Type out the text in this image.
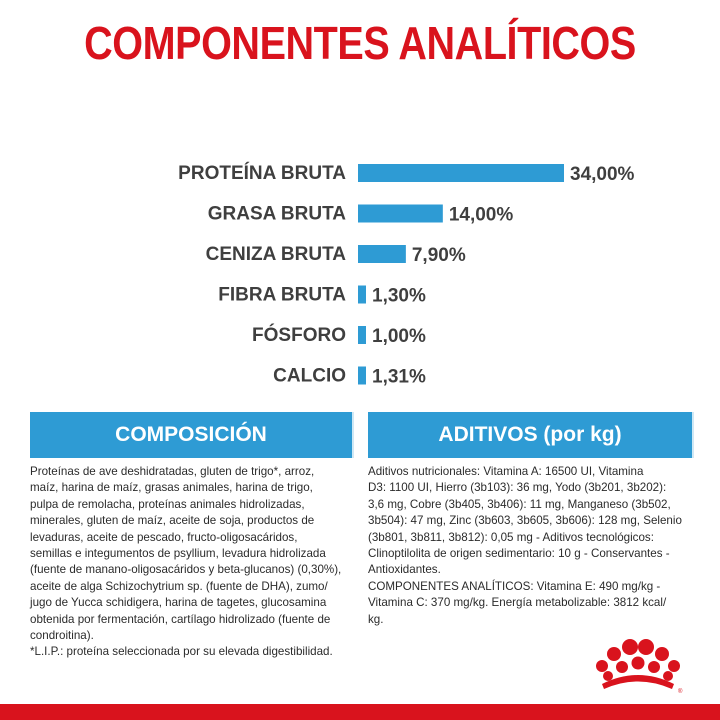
COMPONENTES ANALÍTICOS
PROTEÍNA BRUTA	34,00%
GRASA BRUTA	14,00%
CENIZA BRUTA	7,90%
FIBRA BRUTA 1,30%
FÓSFORO 1,00%
CALCIO 1,31%
COMPOSICIÓN	ADITIVOS (por kg)

Proteínas de ave deshidratadas, gluten de trigo*, arroz,
maíz, harina de maíz, grasas animales, harina de trigo,
pulpa de remolacha, proteínas animales hidrolizadas,
minerales, gluten de maíz, aceite de soja, productos de
levaduras, aceite de pescado, fructo-oligosacáridos,
semillas e integumentos de psyllium, levadura hidrolizada
(fuente de manano-oligosacáridos y beta-glucanos) (0,30%),
aceite de alga Schizochytrium sp. (fuente de DHA), zumo/
jugo de Yucca schidigera, harina de tagetes, glucosamina
obtenida por fermentación, cartílago hidrolizado (fuente de
condroitina).
*L.I.P.: proteína seleccionada por su elevada digestibilidad.

Aditivos nutricionales: Vitamina A: 16500 UI, Vitamina
D3: 1100 UI, Hierro (3b103): 36 mg, Yodo (3b201, 3b202):
3,6 mg, Cobre (3b405, 3b406): 11 mg, Manganeso (3b502,
3b504): 47 mg, Zinc (3b603, 3b605, 3b606): 128 mg, Selenio
(3b801, 3b811, 3b812): 0,05 mg - Aditivos tecnológicos:
Clinoptilolita de origen sedimentario: 10 g - Conservantes -
Antioxidantes.
COMPONENTES ANALÍTICOS: Vitamina E: 490 mg/kg -
Vitamina C: 370 mg/kg. Energía metabolizable: 3812 kcal/
kg.

®
